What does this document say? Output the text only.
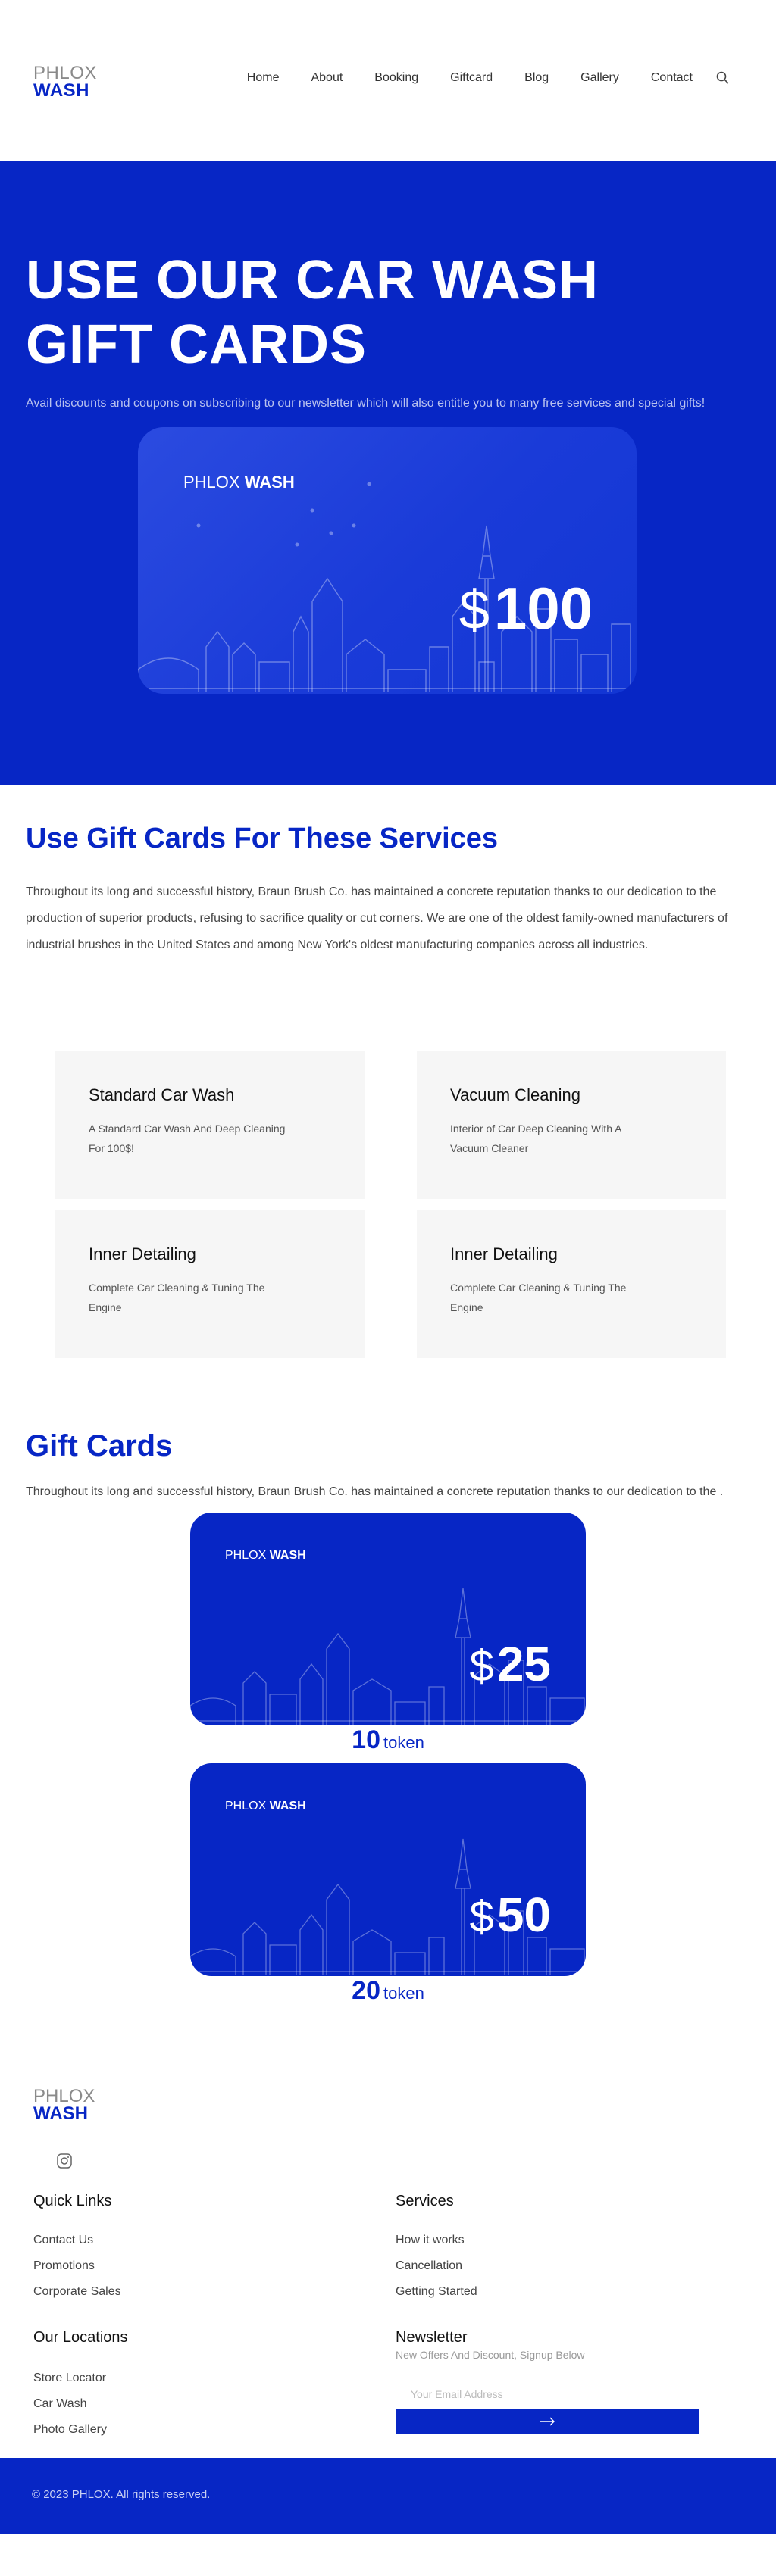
PHLOX
WASH
Home	About	Booking	Giftcard	Blog	Gallery	Contact
USE OUR CAR WASH GIFT CARDS

Avail discounts and coupons on subscribing to our newsletter which will also entitle you to many free services and special gifts!

PHLOX WASH
$100
Use Gift Cards For These Services

Throughout its long and successful history, Braun Brush Co. has maintained a concrete reputation thanks to our dedication to the production of superior products, refusing to sacrifice quality or cut corners. We are one of the oldest family-owned manufacturers of industrial brushes in the United States and among New York's oldest manufacturing companies across all industries.

Standard Car Wash
A Standard Car Wash And Deep Cleaning For 100$!
Vacuum Cleaning
Interior of Car Deep Cleaning With A Vacuum Cleaner
Inner Detailing
Complete Car Cleaning & Tuning The Engine
Inner Detailing
Complete Car Cleaning & Tuning The Engine
Gift Cards

Throughout its long and successful history, Braun Brush Co. has maintained a concrete reputation thanks to our dedication to the .

PHLOX WASH
$25
10 token
PHLOX WASH
$50
20 token
PHLOX
WASH
Quick Links
Contact Us
Promotions
Corporate Sales
Services
How it works
Cancellation
Getting Started
Our Locations
Store Locator
Car Wash
Photo Gallery
Newsletter
New Offers And Discount, Signup Below
Your Email Address
© 2023 PHLOX. All rights reserved.
